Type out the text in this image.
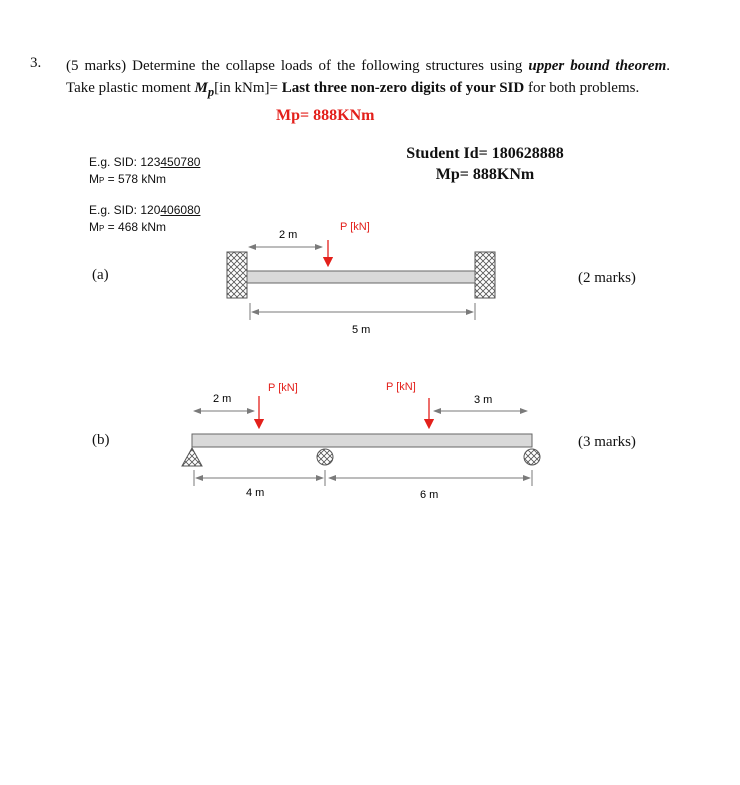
3. (5 marks) Determine the collapse loads of the following structures using upper bound theorem. Take plastic moment $M_p[in$ kNm]= Last three non-zero digits of your SID for both problems.
Mp= 888KNm
Student Id= 180628888
Mp= 888KNm
E.g. SID: 123450780
MP = 578 kNm
E.g. SID: 120406080
MP = 468 kNm
(a)	(2 marks)
(b)	(3 marks)
2 m
P [kN]
5 m
2 m
P [kN]	P [kN]
3 m
4 m	6 m
